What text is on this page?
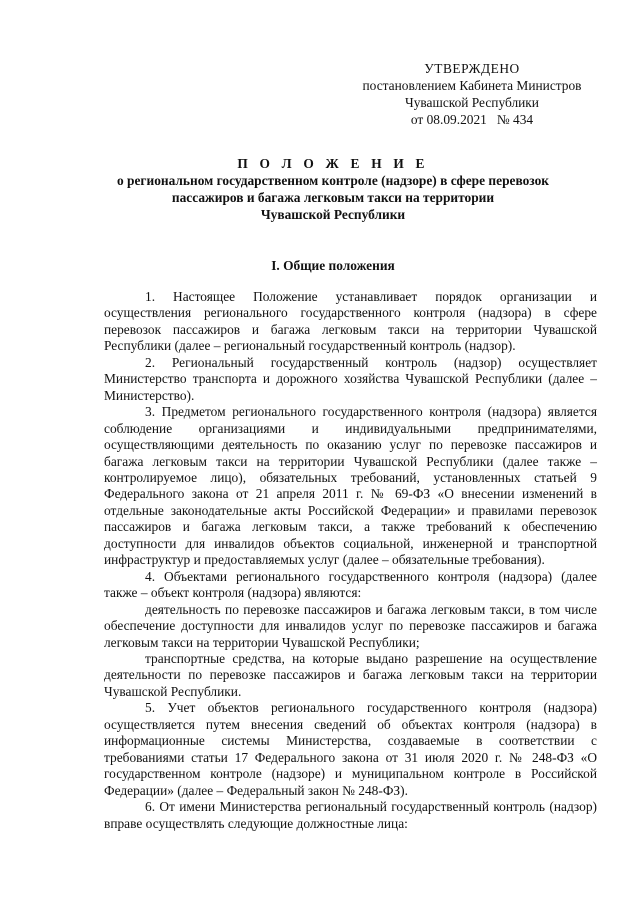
УТВЕРЖДЕНО
постановлением Кабинета Министров
Чувашской Республики
от 08.09.2021   № 434
П О Л О Ж Е Н И Е
о региональном государственном контроле (надзоре) в сфере перевозок
пассажиров и багажа легковым такси на территории
Чувашской Республики
I. Общие положения

1. Настоящее Положение устанавливает порядок организации и осуществления регионального государственного контроля (надзора) в сфере перевозок пассажиров и багажа легковым такси на территории Чувашской Республики (далее – региональный государственный контроль (надзор).

2. Региональный государственный контроль (надзор) осуществляет Министерство транспорта и дорожного хозяйства Чувашской Республики (далее – Министерство).

3. Предметом регионального государственного контроля (надзора) является соблюдение организациями и индивидуальными предпринимателями, осуществляющими деятельность по оказанию услуг по перевозке пассажиров и багажа легковым такси на территории Чувашской Республики (далее также – контролируемое лицо), обязательных требований, установленных статьей 9 Федерального закона от 21 апреля 2011 г. № 69-ФЗ «О внесении изменений в отдельные законодательные акты Российской Федерации» и правилами перевозок пассажиров и багажа легковым такси, а также требований к обеспечению доступности для инвалидов объектов социальной, инженерной и транспортной инфраструктур и предоставляемых услуг (далее – обязательные требования).

4. Объектами регионального государственного контроля (надзора) (далее также – объект контроля (надзора) являются:

деятельность по перевозке пассажиров и багажа легковым такси, в том числе обеспечение доступности для инвалидов услуг по перевозке пассажиров и багажа легковым такси на территории Чувашской Республики;

транспортные средства, на которые выдано разрешение на осуществление деятельности по перевозке пассажиров и багажа легковым такси на территории Чувашской Республики.

5. Учет объектов регионального государственного контроля (надзора) осуществляется путем внесения сведений об объектах контроля (надзора) в информационные системы Министерства, создаваемые в соответствии с требованиями статьи 17 Федерального закона от 31 июля 2020 г. № 248-ФЗ «О государственном контроле (надзоре) и муниципальном контроле в Российской Федерации» (далее – Федеральный закон № 248-ФЗ).

6. От имени Министерства региональный государственный контроль (надзор) вправе осуществлять следующие должностные лица:
